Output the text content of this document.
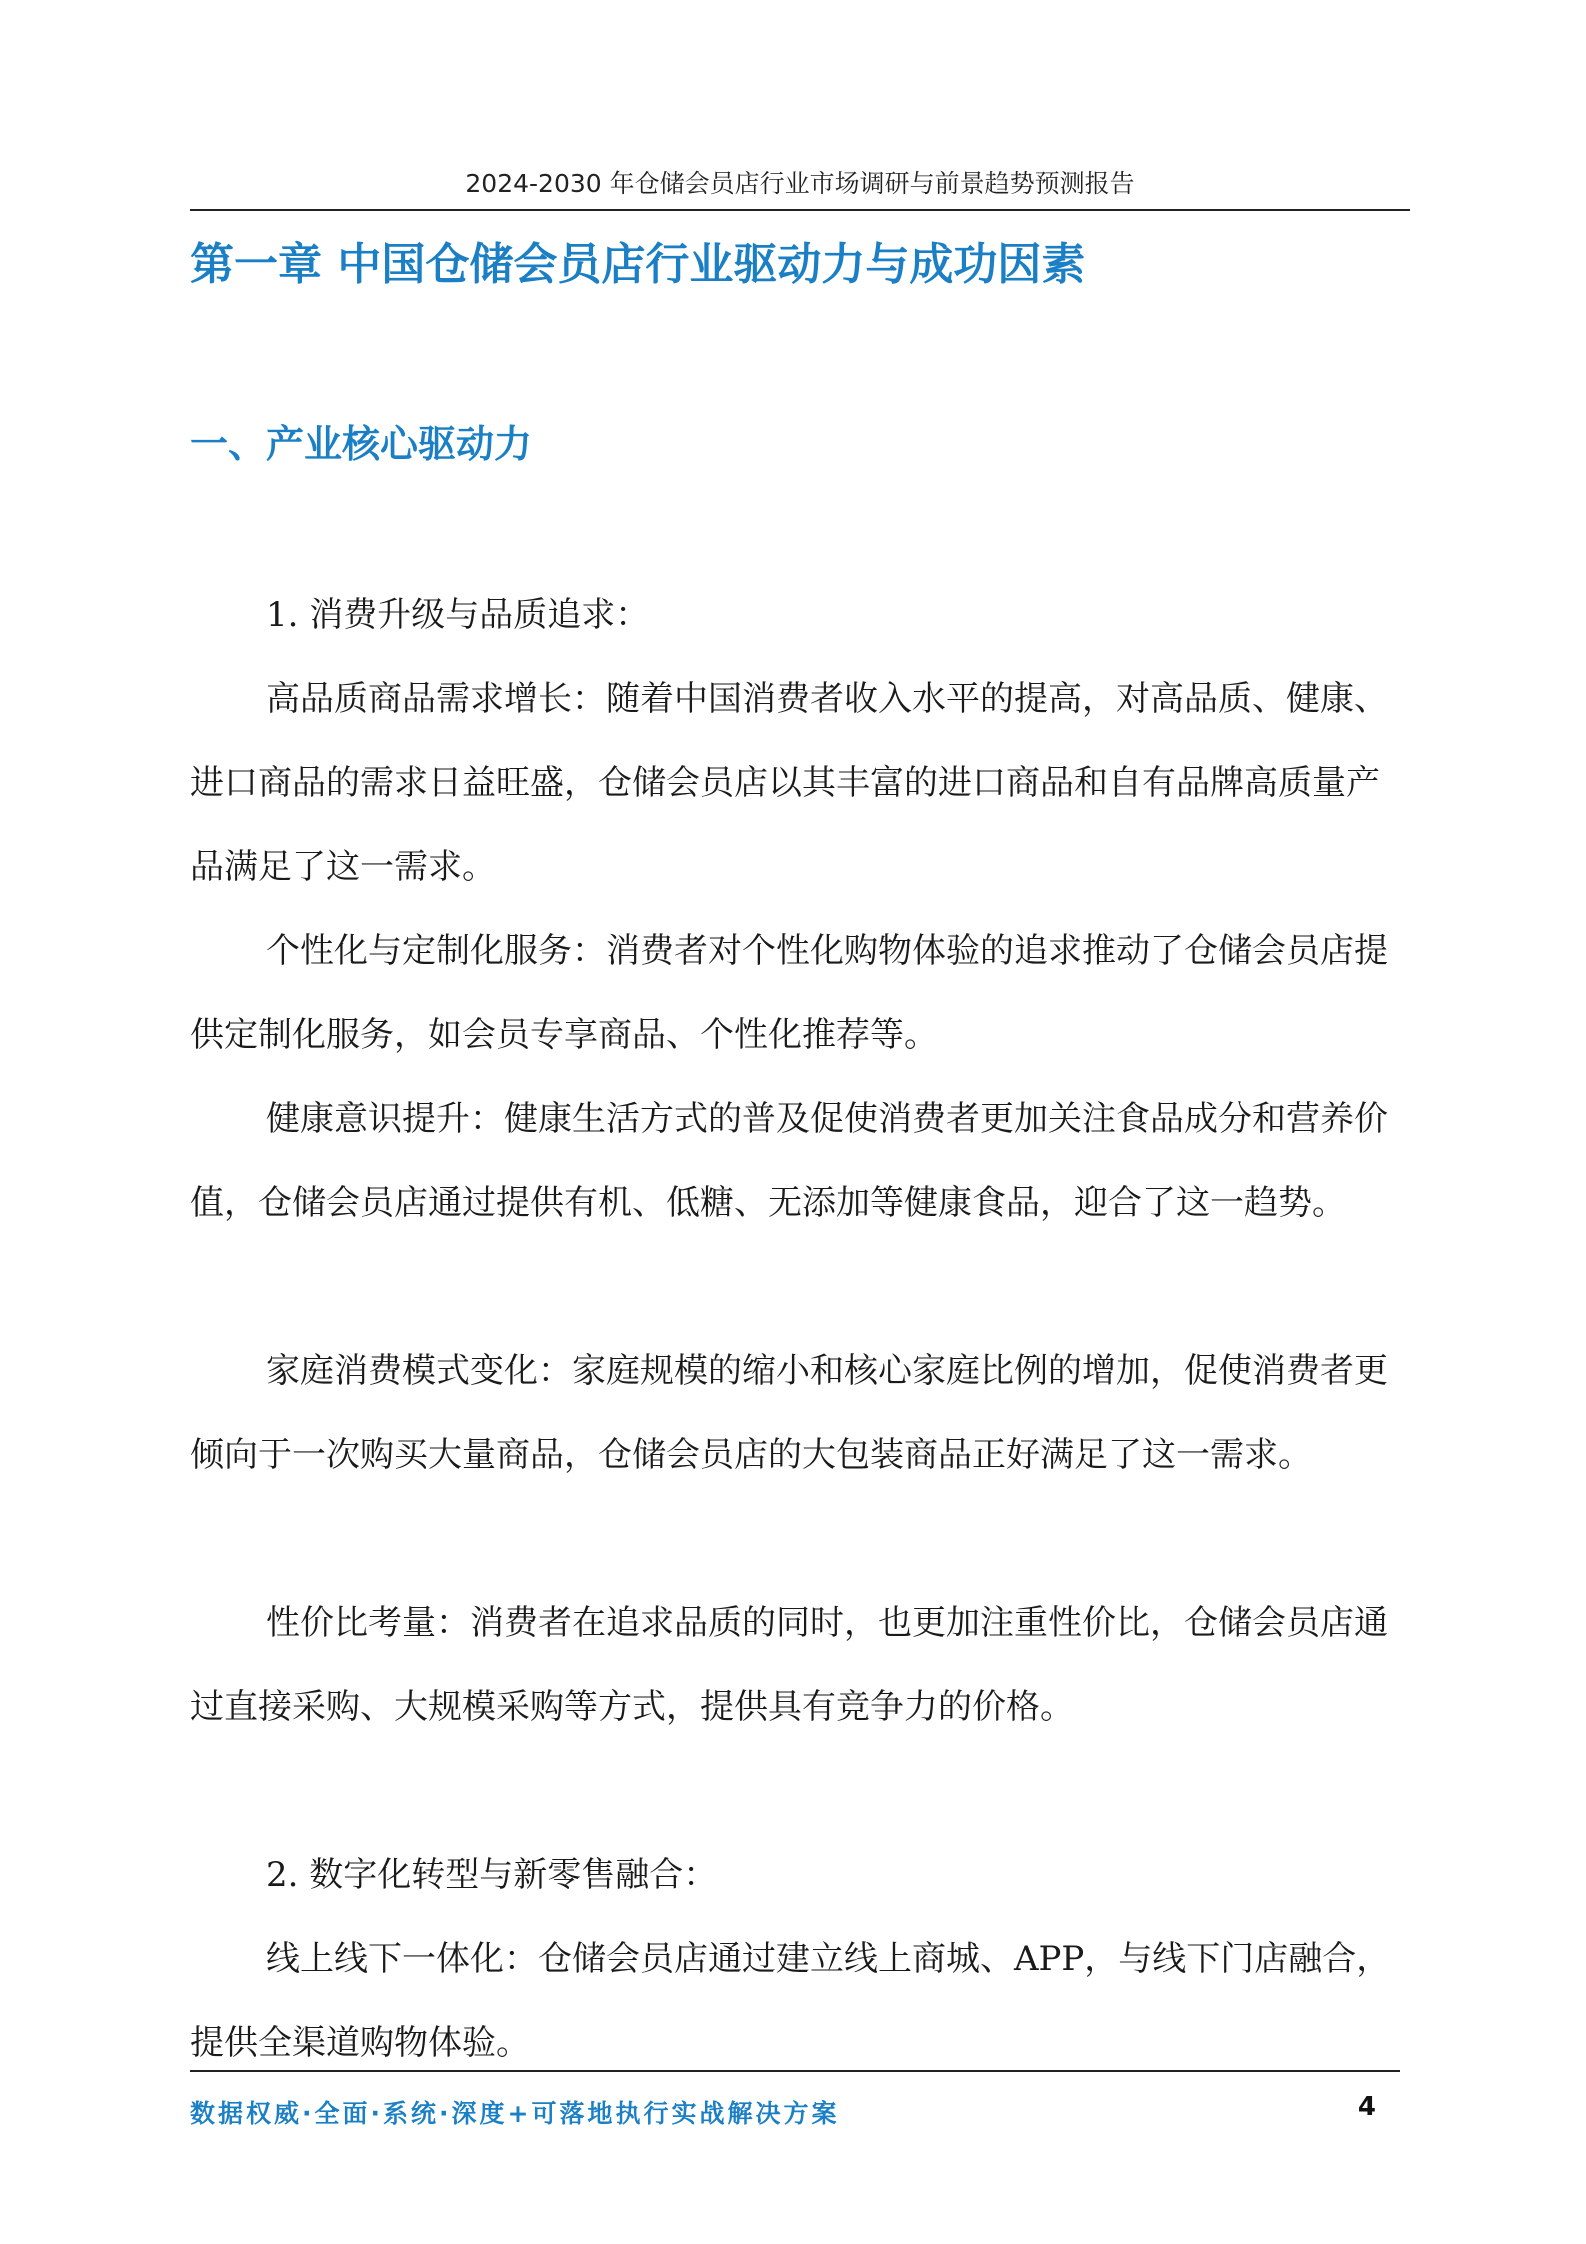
2024-2030 年仓储会员店行业市场调研与前景趋势预测报告
第一章 中国仓储会员店行业驱动力与成功因素
一、产业核心驱动力

1. 消费升级与品质追求：

高品质商品需求增长：随着中国消费者收入水平的提高，对高品质、健康、进口商品的需求日益旺盛，仓储会员店以其丰富的进口商品和自有品牌高质量产品满足了这一需求。

个性化与定制化服务：消费者对个性化购物体验的追求推动了仓储会员店提供定制化服务，如会员专享商品、个性化推荐等。

健康意识提升：健康生活方式的普及促使消费者更加关注食品成分和营养价值，仓储会员店通过提供有机、低糖、无添加等健康食品，迎合了这一趋势。

家庭消费模式变化：家庭规模的缩小和核心家庭比例的增加，促使消费者更倾向于一次购买大量商品，仓储会员店的大包装商品正好满足了这一需求。

性价比考量：消费者在追求品质的同时，也更加注重性价比，仓储会员店通过直接采购、大规模采购等方式，提供具有竞争力的价格。

2. 数字化转型与新零售融合：

线上线下一体化：仓储会员店通过建立线上商城、APP，与线下门店融合，提供全渠道购物体验。

数据权威·全面·系统·深度+可落地执行实战解决方案	4
